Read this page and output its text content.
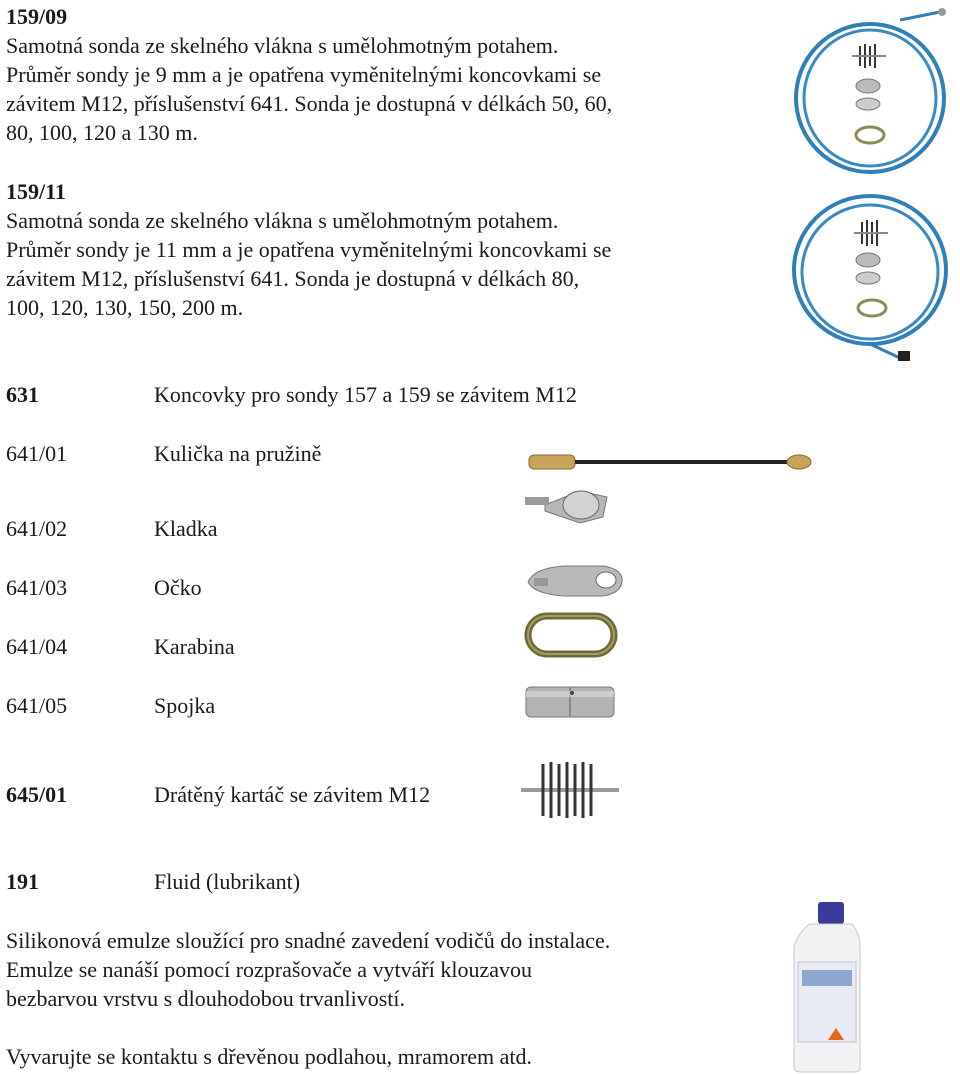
159/09

Samotná sonda ze skelného vlákna s umělohmotným potahem.

Průměr sondy je 9 mm a je opatřena vyměnitelnými koncovkami se

závitem M12, příslušenství 641. Sonda je dostupná v délkách 50, 60,

80, 100, 120 a 130 m.

159/11

Samotná sonda ze skelného vlákna s umělohmotným potahem.

Průměr sondy je 11 mm a je opatřena vyměnitelnými koncovkami se

závitem M12, příslušenství 641. Sonda je dostupná v délkách 80,

100, 120, 130, 150, 200 m.

631	Koncovky pro sondy 157 a 159 se závitem M12
641/01	Kulička na pružině
641/02	Kladka
641/03	Očko
641/04	Karabina
641/05	Spojka
645/01	Drátěný kartáč se závitem M12
191	Fluid (lubrikant)

Silikonová emulze sloužící pro snadné zavedení vodičů do instalace.

Emulze se nanáší pomocí rozprašovače a vytváří klouzavou

bezbarvou vrstvu s dlouhodobou trvanlivostí.

Vyvarujte se kontaktu s dřevěnou podlahou, mramorem atd.
